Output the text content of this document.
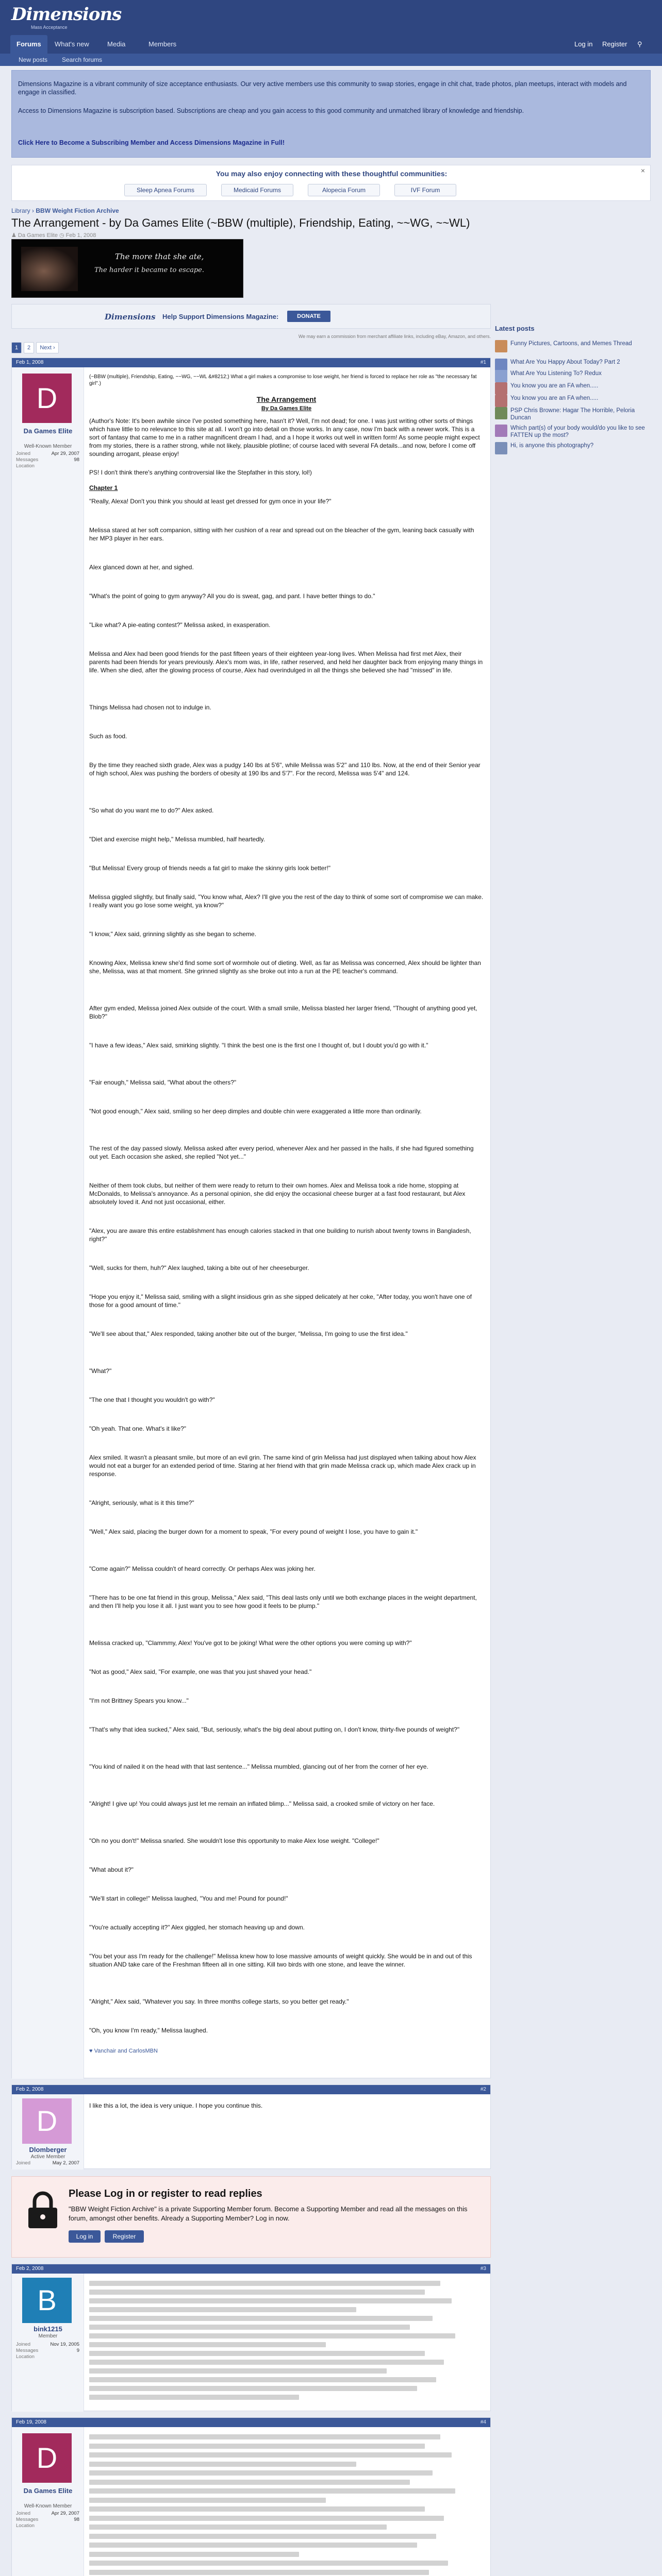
Dimensions
Mass Acceptance
Forums	What's new	Media	Members	Log in Register ⚲
New posts Search forums
Dimensions Magazine is a vibrant community of size acceptance enthusiasts. Our very active members use this community to swap stories, engage in chit chat, trade photos, plan meetups, interact with models and engage in classified.
Access to Dimensions Magazine is subscription based. Subscriptions are cheap and you gain access to this good community and unmatched library of knowledge and friendship.
Click Here to Become a Subscribing Member and Access Dimensions Magazine in Full!
You may also enjoy connecting with these thoughtful communities:	×
Sleep Apnea Forums	Medicaid Forums	Alopecia Forum	IVF Forum
Library › BBW Weight Fiction Archive
The Arrangement - by Da Games Elite (~BBW (multiple), Friendship, Eating, ~~WG, ~~WL)
♟ Da Games Elite ◷ Feb 1, 2008
The more that she ate,
The harder it became to escape.
Dimensions Help Support Dimensions Magazine:	DONATE
We may earn a commission from merchant affiliate links, including eBay, Amazon, and others.
1	2	Next ›
Latest posts
Funny Pictures, Cartoons, and Memes Thread
What Are You Happy About Today? Part 2
What Are You Listening To? Redux
You know you are an FA when.....
You know you are an FA when.....
PSP Chris Browne: Hagar The Horrible, Peloria Duncan
Which part(s) of your body would/do you like to see FATTEN up the most?
Hi, is anyone this photography?
Feb 1, 2008	#1
D
Da Games Elite
Well-Known Member
Joined	Apr 29, 2007
Messages	98
Location
(~BBW (multiple), Friendship, Eating, ~~WG, ~~WL &#8212;) What a girl makes a compromise to lose weight, her friend is forced to replace her role as "the necessary fat girl".)
The Arrangement
By Da Games Elite
(Author's Note: It's been awhile since I've posted something here, hasn't it? Well, I'm not dead; for one. I was just writing other sorts of things which have little to no relevance to this site at all. I won't go into detail on those works. In any case, now I'm back with a newer work. This is a sort of fantasy that came to me in a rather magnificent dream I had, and a I hope it works out well in written form! As some people might expect from my stories, there is a rather strong, while not likely, plausible plotline; of course laced with several FA details...and now, before I come off sounding arrogant, please enjoy!
PS! I don't think there's anything controversial like the Stepfather in this story, lol!)
Chapter 1
"Really, Alexa! Don't you think you should at least get dressed for gym once in your life?"
Melissa stared at her soft companion, sitting with her cushion of a rear and spread out on the bleacher of the gym, leaning back casually with her MP3 player in her ears.
Alex glanced down at her, and sighed.
"What's the point of going to gym anyway? All you do is sweat, gag, and pant. I have better things to do."
"Like what? A pie-eating contest?" Melissa asked, in exasperation.
Melissa and Alex had been good friends for the past fifteen years of their eighteen year-long lives. When Melissa had first met Alex, their parents had been friends for years previously. Alex's mom was, in life, rather reserved, and held her daughter back from enjoying many things in life. When she died, after the glowing process of course, Alex had overindulged in all the things she believed she had "missed" in life.
Things Melissa had chosen not to indulge in.
Such as food.
By the time they reached sixth grade, Alex was a pudgy 140 lbs at 5'6", while Melissa was 5'2" and 110 lbs. Now, at the end of their Senior year of high school, Alex was pushing the borders of obesity at 190 lbs and 5'7". For the record, Melissa was 5'4" and 124.
"So what do you want me to do?" Alex asked.
"Diet and exercise might help," Melissa mumbled, half heartedly.
"But Melissa! Every group of friends needs a fat girl to make the skinny girls look better!"
Melissa giggled slightly, but finally said, "You know what, Alex? I'll give you the rest of the day to think of some sort of compromise we can make. I really want you go lose some weight, ya know?"
"I know," Alex said, grinning slightly as she began to scheme.
Knowing Alex, Melissa knew she'd find some sort of wormhole out of dieting. Well, as far as Melissa was concerned, Alex should be lighter than she, Melissa, was at that moment. She grinned slightly as she broke out into a run at the PE teacher's command.
After gym ended, Melissa joined Alex outside of the court. With a small smile, Melissa blasted her larger friend, "Thought of anything good yet, Blob?"
"I have a few ideas," Alex said, smirking slightly. "I think the best one is the first one I thought of, but I doubt you'd go with it."
"Fair enough," Melissa said, "What about the others?"
"Not good enough," Alex said, smiling so her deep dimples and double chin were exaggerated a little more than ordinarily.
The rest of the day passed slowly. Melissa asked after every period, whenever Alex and her passed in the halls, if she had figured something out yet. Each occasion she asked, she replied "Not yet..."
Neither of them took clubs, but neither of them were ready to return to their own homes. Alex and Melissa took a ride home, stopping at McDonalds, to Melissa's annoyance. As a personal opinion, she did enjoy the occasional cheese burger at a fast food restaurant, but Alex absolutely loved it. And not just occasional, either.
"Alex, you are aware this entire establishment has enough calories stacked in that one building to nurish about twenty towns in Bangladesh, right?"
"Well, sucks for them, huh?" Alex laughed, taking a bite out of her cheeseburger.
"Hope you enjoy it," Melissa said, smiling with a slight insidious grin as she sipped delicately at her coke, "After today, you won't have one of those for a good amount of time."
"We'll see about that," Alex responded, taking another bite out of the burger, "Melissa, I'm going to use the first idea."
"What?"
"The one that I thought you wouldn't go with?"
"Oh yeah. That one. What's it like?"
Alex smiled. It wasn't a pleasant smile, but more of an evil grin. The same kind of grin Melissa had just displayed when talking about how Alex would not eat a burger for an extended period of time. Staring at her friend with that grin made Melissa crack up, which made Alex crack up in response.
"Alright, seriously, what is it this time?"
"Well," Alex said, placing the burger down for a moment to speak, "For every pound of weight I lose, you have to gain it."
"Come again?" Melissa couldn't of heard correctly. Or perhaps Alex was joking her.
"There has to be one fat friend in this group, Melissa," Alex said, "This deal lasts only until we both exchange places in the weight department, and then I'll help you lose it all. I just want you to see how good it feels to be plump."
Melissa cracked up, "Clammmy, Alex! You've got to be joking! What were the other options you were coming up with?"
"Not as good," Alex said, "For example, one was that you just shaved your head."
"I'm not Brittney Spears you know..."
"That's why that idea sucked," Alex said, "But, seriously, what's the big deal about putting on, I don't know, thirty-five pounds of weight?"
"You kind of nailed it on the head with that last sentence..." Melissa mumbled, glancing out of her from the corner of her eye.
"Alright! I give up! You could always just let me remain an inflated blimp..." Melissa said, a crooked smile of victory on her face.
"Oh no you don't!" Melissa snarled. She wouldn't lose this opportunity to make Alex lose weight. "College!"
"What about it?"
"We'll start in college!" Melissa laughed, "You and me! Pound for pound!"
"You're actually accepting it?" Alex giggled, her stomach heaving up and down.
"You bet your ass I'm ready for the challenge!" Melissa knew how to lose massive amounts of weight quickly. She would be in and out of this situation AND take care of the Freshman fifteen all in one sitting. Kill two birds with one stone, and leave the winner.
"Alright," Alex said, "Whatever you say. In three months college starts, so you better get ready."
"Oh, you know I'm ready," Melissa laughed.
♥ Vanchair and CarlosMBN
Feb 2, 2008	#2
D
Dlomberger
Active Member
Joined	May 2, 2007
I like this a lot, the idea is very unique. I hope you continue this.
Please Log in or register to read replies
"BBW Weight Fiction Archive" is a private Supporting Member forum. Become a Supporting Member and read all the messages on this forum, amongst other benefits. Already a Supporting Member? Log in now.
Log in	Register
Feb 2, 2008	#3
B
bink1215
Member
Joined	Nov 19, 2005
Messages	9
Location
Feb 19, 2008	#4
D
Da Games Elite
Well-Known Member
Joined	Apr 29, 2007
Messages	98
Location
